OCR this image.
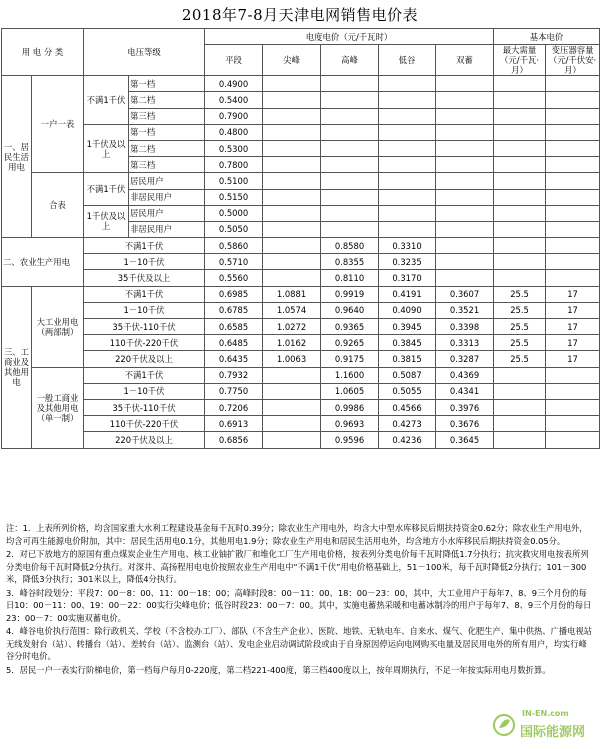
2018年7-8月天津电网销售电价表
用 电 分 类		电压等级		电度电价（元/千瓦时）					基本电价	
				平段	尖峰	高峰	低谷	双蓄	最大需量（元/千瓦·月）	变压器容量（元/千伏安·月）
一、居民生活用电	一户一表	不满1千伏	第一档	0.4900						
			第二档	0.5400						
			第三档	0.7900						
		1千伏及以上	第一档	0.4800						
			第二档	0.5300						
			第三档	0.7800						
	合表	不满1千伏	居民用户	0.5100						
			非居民用户	0.5150						
		1千伏及以上	居民用户	0.5000						
			非居民用户	0.5050						
二、农业生产用电		不满1千伏		0.5860		0.8580	0.3310			
		1－10千伏		0.5710		0.8355	0.3235			
		35千伏及以上		0.5560		0.8110	0.3170			
三、工商业及其他用电	大工业用电（两部制）	不满1千伏		0.6985	1.0881	0.9919	0.4191	0.3607	25.5	17
		1－10千伏		0.6785	1.0574	0.9640	0.4090	0.3521	25.5	17
		35千伏-110千伏		0.6585	1.0272	0.9365	0.3945	0.3398	25.5	17
		110千伏-220千伏		0.6485	1.0162	0.9265	0.3845	0.3313	25.5	17
		220千伏及以上		0.6435	1.0063	0.9175	0.3815	0.3287	25.5	17
	一般工商业及其他用电（单一制）	不满1千伏		0.7932		1.1600	0.5087	0.4369		
		1－10千伏		0.7750		1.0605	0.5055	0.4341		
		35千伏-110千伏		0.7206		0.9986	0.4566	0.3976		
		110千伏-220千伏		0.6913		0.9693	0.4273	0.3676		
		220千伏及以上		0.6856		0.9596	0.4236	0.3645		

注：1．上表所列价格，均含国家重大水利工程建设基金每千瓦时0.39分；除农业生产用电外，均含大中型水库移民后期扶持资金0.62分；除农业生产用电外，均含可再生能源电价附加，其中：居民生活用电0.1分，其他用电1.9分；除农业生产用电和居民生活用电外，均含地方小水库移民后期扶持资金0.05分。

2．对已下放地方的原国有重点煤炭企业生产用电、核工业铀扩散厂和堆化工厂生产用电价格，按表列分类电价每千瓦时降低1.7分执行；抗灾救灾用电按表所列分类电价每千瓦时降低2分执行。对深井、高扬程用电电价按照农业生产用电中“不满1千伏”用电价格基础上，51－100米，每千瓦时降低2分执行；101－300米，降低3分执行；301米以上，降低4分执行。

3．峰谷时段划分：平段7：00－8：00、11：00－18：00；高峰时段8：00－11：00、18：00－23：00，其中，大工业用户于每年7、8、9三个月份的每日10：00－11：00、19：00－22：00实行尖峰电价；低谷时段23：00－7：00。其中，实施电蓄热采暖和电蓄冰制冷的用户于每年7、8、9三个月份的每日23：00－7：00实施双蓄电价。

4．峰谷电价执行范围：除行政机关、学校（不含校办工厂）、部队（不含生产企业）、医院、地铁、无轨电车、自来水、煤气、化肥生产、集中供热、广播电视站无线发射台（站）、转播台（站）、差转台（站）、监测台（站）、发电企业启动调试阶段或由于自身原因停运向电网购买电量及居民用电外的所有用户，均实行峰谷分时电价。

5．居民一户一表实行阶梯电价，第一档每户每月0-220度，第二档221-400度，第三档400度以上，按年周期执行，不足一年按实际用电月数折算。

IN-EN.com
国际能源网
